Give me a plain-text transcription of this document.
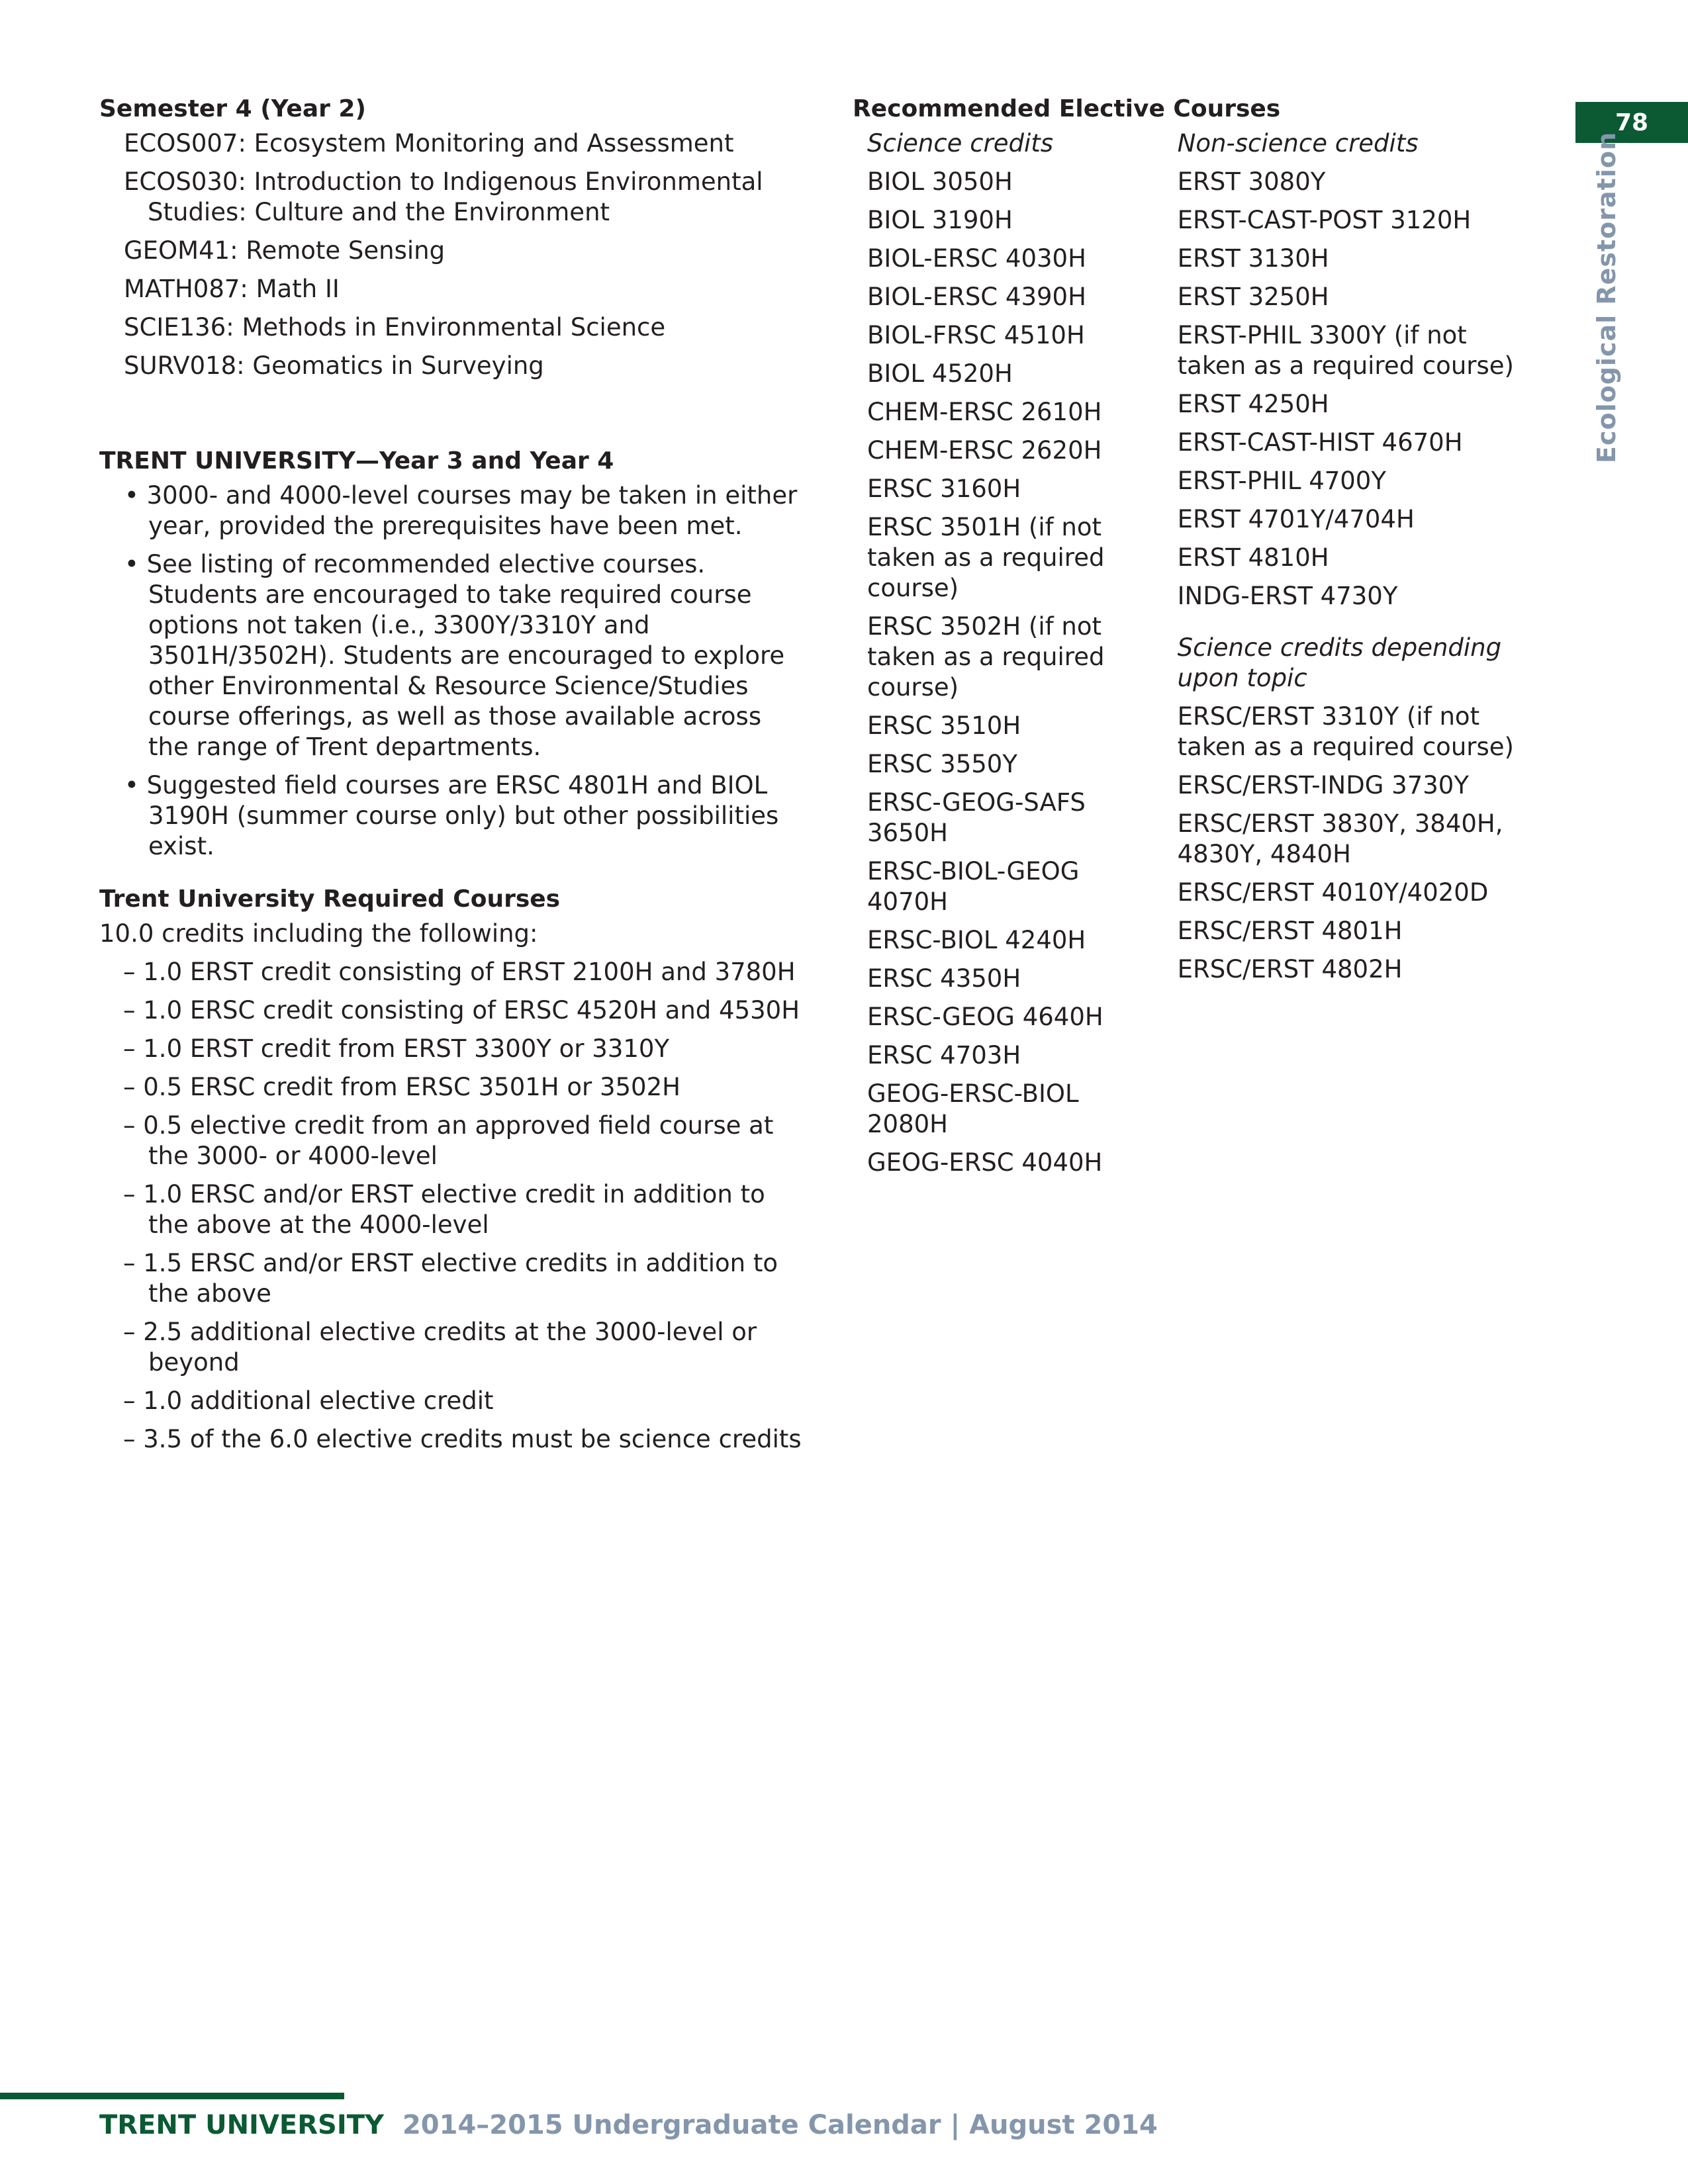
Semester 4 (Year 2)

ECOS007: Ecosystem Monitoring and Assessment

ECOS030: Introduction to Indigenous Environmental Studies: Culture and the Environment

GEOM41: Remote Sensing

MATH087: Math II

SCIE136: Methods in Environmental Science

SURV018: Geomatics in Surveying

TRENT UNIVERSITY—Year 3 and Year 4

• 3000- and 4000-level courses may be taken in either year, provided the prerequisites have been met.
• See listing of recommended elective courses. Students are encouraged to take required course options not taken (i.e., 3300Y/3310Y and 3501H/3502H). Students are encouraged to explore other Environmental & Resource Science/Studies course offerings, as well as those available across the range of Trent departments.
• Suggested field courses are ERSC 4801H and BIOL 3190H (summer course only) but other possibilities exist.

Trent University Required Courses

10.0 credits including the following:

– 1.0 ERST credit consisting of ERST 2100H and 3780H
– 1.0 ERSC credit consisting of ERSC 4520H and 4530H
– 1.0 ERST credit from ERST 3300Y or 3310Y
– 0.5 ERSC credit from ERSC 3501H or 3502H
– 0.5 elective credit from an approved field course at the 3000- or 4000-level
– 1.0 ERSC and/or ERST elective credit in addition to the above at the 4000-level
– 1.5 ERSC and/or ERST elective credits in addition to the above
– 2.5 additional elective credits at the 3000-level or beyond
– 1.0 additional elective credit
– 3.5 of the 6.0 elective credits must be science credits

Recommended Elective Courses

Science credits

BIOL 3050H

BIOL 3190H

BIOL-ERSC 4030H

BIOL-ERSC 4390H

BIOL-FRSC 4510H

BIOL 4520H

CHEM-ERSC 2610H

CHEM-ERSC 2620H

ERSC 3160H

ERSC 3501H (if not taken as a required course)

ERSC 3502H (if not taken as a required course)

ERSC 3510H

ERSC 3550Y

ERSC-GEOG-SAFS 3650H

ERSC-BIOL-GEOG 4070H

ERSC-BIOL 4240H

ERSC 4350H

ERSC-GEOG 4640H

ERSC 4703H

GEOG-ERSC-BIOL 2080H

GEOG-ERSC 4040H

Non-science credits

ERST 3080Y

ERST-CAST-POST 3120H

ERST 3130H

ERST 3250H

ERST-PHIL 3300Y (if not taken as a required course)

ERST 4250H

ERST-CAST-HIST 4670H

ERST-PHIL 4700Y

ERST 4701Y/4704H

ERST 4810H

INDG-ERST 4730Y

Science credits depending upon topic

ERSC/ERST 3310Y (if not taken as a required course)

ERSC/ERST-INDG 3730Y

ERSC/ERST 3830Y, 3840H, 4830Y, 4840H

ERSC/ERST 4010Y/4020D

ERSC/ERST 4801H

ERSC/ERST 4802H

78
Ecological Restoration
TRENT UNIVERSITY 2014–2015 Undergraduate Calendar | August 2014
